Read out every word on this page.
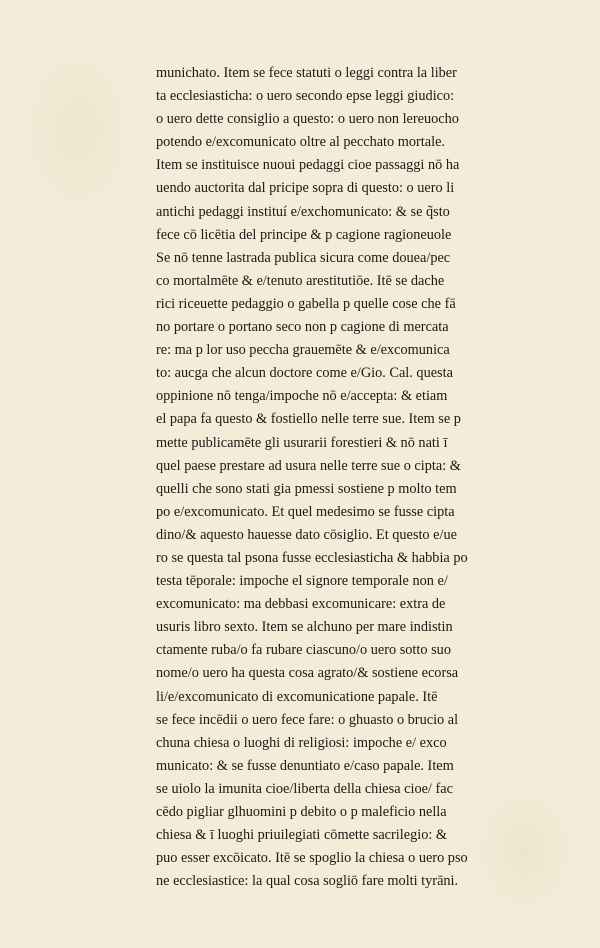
munichato. Item se fece statuti o leggi contra la liber
ta ecclesiasticha: o uero secondo epse leggi giudico:
o uero dette consiglio a questo: o uero non lereuocho
potendo e/excomunicato oltre al pecchato mortale.
Item se instituisce nuoui pedaggi cioe passaggi nō ha
uendo auctorita dal pricipe sopra di questo: o uero li
antichi pedaggi instituí e/exchomunicato: & se q̃sto
fece cō licētia del principe & p cagione ragioneuole
Se nō tenne lastrada publica sicura come douea/pec
co mortalmēte & e/tenuto arestitutiōe. Itē se dache
rici riceuette pedaggio o gabella p quelle cose che fā
no portare o portano seco non p cagione di mercata
re: ma p lor uso peccha grauemēte & e/excomunica
to: aucga che alcun doctore come e/Gio. Cal. questa
oppinione nō tenga/impoche nō e/accepta: & etiam
el papa fa questo & fostiello nelle terre sue. Item se p
mette publicamēte gli usurarii forestieri & nō nati ī
quel paese prestare ad usura nelle terre sue o cipta: &
quelli che sono stati gia pmessi sostiene p molto tem
po e/excomunicato. Et quel medesimo se fusse cipta
dino/& aquesto hauesse dato cōsiglio. Et questo e/ue
ro se questa tal psona fusse ecclesiasticha & habbia po
testa tēporale: impoche el signore temporale non e/
excomunicato: ma debbasi excomunicare: extra de
usuris libro sexto. Item se alchuno per mare indistin
ctamente ruba/o fa rubare ciascuno/o uero sotto suo
nome/o uero ha questa cosa agrato/& sostiene ecorsa
li/e/excomunicato di excomunicatione papale. Itē
se fece incēdii o uero fece fare: o ghuasto o brucio al
chuna chiesa o luoghi di religiosi: impoche e/ exco
municato: & se fusse denuntiato e/caso papale. Item
se uiolo la imunita cioe/liberta della chiesa cioe/ fac
cēdo pigliar glhuomini p debito o p maleficio nella
chiesa & ī luoghi priuilegiati cōmette sacrilegio: &
puo esser excōicato. Itē se spoglio la chiesa o uero pso
ne ecclesiastice: la qual cosa sogliō fare molti tyrāni.
